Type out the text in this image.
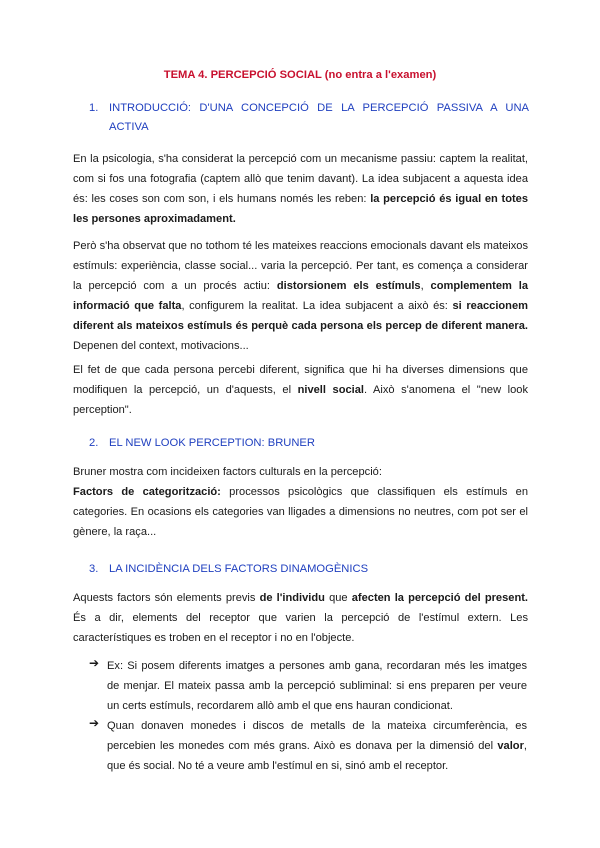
TEMA 4. PERCEPCIÓ SOCIAL (no entra a l'examen)
1. INTRODUCCIÓ: D'UNA CONCEPCIÓ DE LA PERCEPCIÓ PASSIVA A UNA
ACTIVA
En la psicologia, s'ha considerat la percepció com un mecanisme passiu: captem la realitat,
com si fos una fotografia (captem allò que tenim davant). La idea subjacent a aquesta idea
és: les coses son com son, i els humans només les reben: la percepció és igual en totes
les persones aproximadament.
Però s'ha observat que no tothom té les mateixes reaccions emocionals davant els mateixos
estímuls: experiència, classe social... varia la percepció. Per tant, es comença a considerar
la percepció com a un procés actiu: distorsionem els estímuls, complementem la
informació que falta, configurem la realitat. La idea subjacent a això és: si reaccionem
diferent als mateixos estímuls és perquè cada persona els percep de diferent manera.
Depenen del context, motivacions...
El fet de que cada persona percebi diferent, significa que hi ha diverses dimensions que
modifiquen la percepció, un d'aquests, el nivell social. Això s'anomena el "new look
perception".
2. EL NEW LOOK PERCEPTION: BRUNER
Bruner mostra com incideixen factors culturals en la percepció:
Factors de categorització: processos psicològics que classifiquen els estímuls en
categories. En ocasions els categories van lligades a dimensions no neutres, com pot ser el
gènere, la raça...
3. LA INCIDÈNCIA DELS FACTORS DINAMOGÈNICS
Aquests factors són elements previs de l'individu que afecten la percepció del present.
És a dir, elements del receptor que varien la percepció de l'estímul extern. Les
característiques es troben en el receptor i no en l'objecte.
➔ Ex: Si posem diferents imatges a persones amb gana, recordaran més les imatges
de menjar. El mateix passa amb la percepció subliminal: si ens preparen per veure
un certs estímuls, recordarem allò amb el que ens hauran condicionat.
➔ Quan donaven monedes i discos de metalls de la mateixa circumferència, es
percebien les monedes com més grans. Això es donava per la dimensió del valor,
que és social. No té a veure amb l'estímul en si, sinó amb el receptor.
